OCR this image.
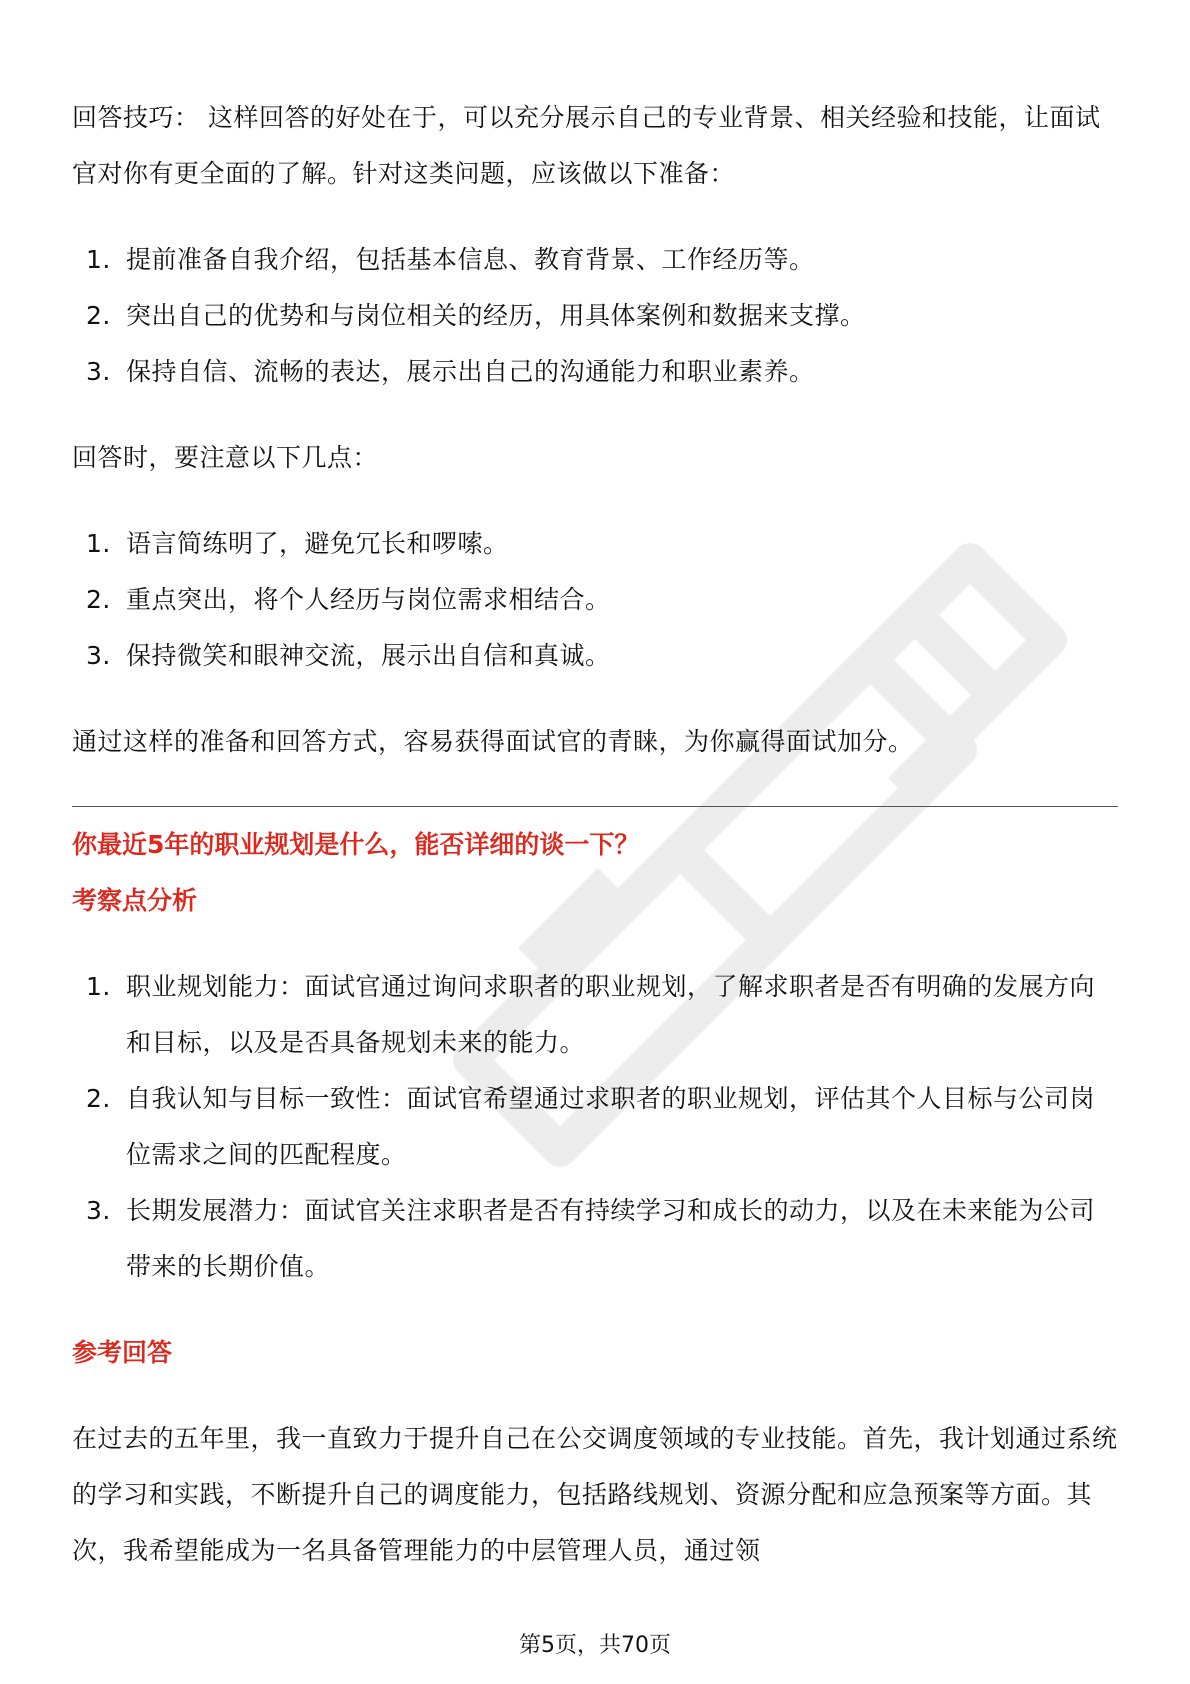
回答技巧： 这样回答的好处在于，可以充分展示自己的专业背景、相关经验和技能，让面试官对你有更全面的了解。针对这类问题，应该做以下准备：

1. 提前准备自我介绍，包括基本信息、教育背景、工作经历等。
2. 突出自己的优势和与岗位相关的经历，用具体案例和数据来支撑。
3. 保持自信、流畅的表达，展示出自己的沟通能力和职业素养。

回答时，要注意以下几点：

1. 语言简练明了，避免冗长和啰嗦。
2. 重点突出，将个人经历与岗位需求相结合。
3. 保持微笑和眼神交流，展示出自信和真诚。

通过这样的准备和回答方式，容易获得面试官的青睐，为你赢得面试加分。

你最近5年的职业规划是什么，能否详细的谈一下？

考察点分析

1. 职业规划能力：面试官通过询问求职者的职业规划，了解求职者是否有明确的发展方向和目标，以及是否具备规划未来的能力。
2. 自我认知与目标一致性：面试官希望通过求职者的职业规划，评估其个人目标与公司岗位需求之间的匹配程度。
3. 长期发展潜力：面试官关注求职者是否有持续学习和成长的动力，以及在未来能为公司带来的长期价值。

参考回答

在过去的五年里，我一直致力于提升自己在公交调度领域的专业技能。首先，我计划通过系统的学习和实践，不断提升自己的调度能力，包括路线规划、资源分配和应急预案等方面。其次，我希望能成为一名具备管理能力的中层管理人员，通过领

第5页，共70页
